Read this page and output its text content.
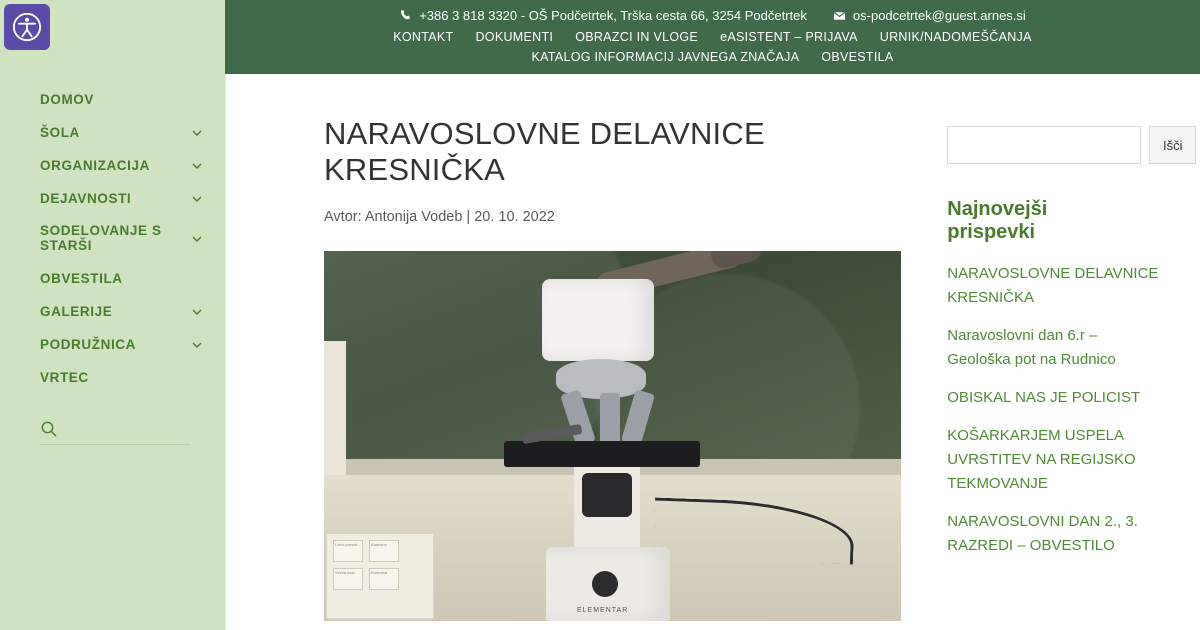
DOMOV
ŠOLA
ORGANIZACIJA
DEJAVNOSTI
SODELOVANJE S STARŠI
OBVESTILA
GALERIJE
PODRUŽNICA
VRTEC
+386 3 818 3320 - OŠ Podčetrtek, Trška cesta 66, 3254 Podčetrtek	os-podcetrtek@guest.arnes.si
KONTAKT DOKUMENTI OBRAZCI IN VLOGE eASISTENT – PRIJAVA URNIK/NADOMEŠČANJA
KATALOG INFORMACIJ JAVNEGA ZNAČAJA OBVESTILA
NARAVOSLOVNE DELAVNICE KRESNIČKA
Avtor: Antonija Vodeb | 20. 10. 2022
ELEMENTAR
Listni presek	Kamnine
Sveža kost	Korenina
Išči
Najnovejši prispevki
NARAVOSLOVNE DELAVNICE KRESNIČKA
Naravoslovni dan 6.r – Geološka pot na Rudnico
OBISKAL NAS JE POLICIST
KOŠARKARJEM USPELA UVRSTITEV NA REGIJSKO TEKMOVANJE
NARAVOSLOVNI DAN 2., 3. RAZREDI – OBVESTILO
